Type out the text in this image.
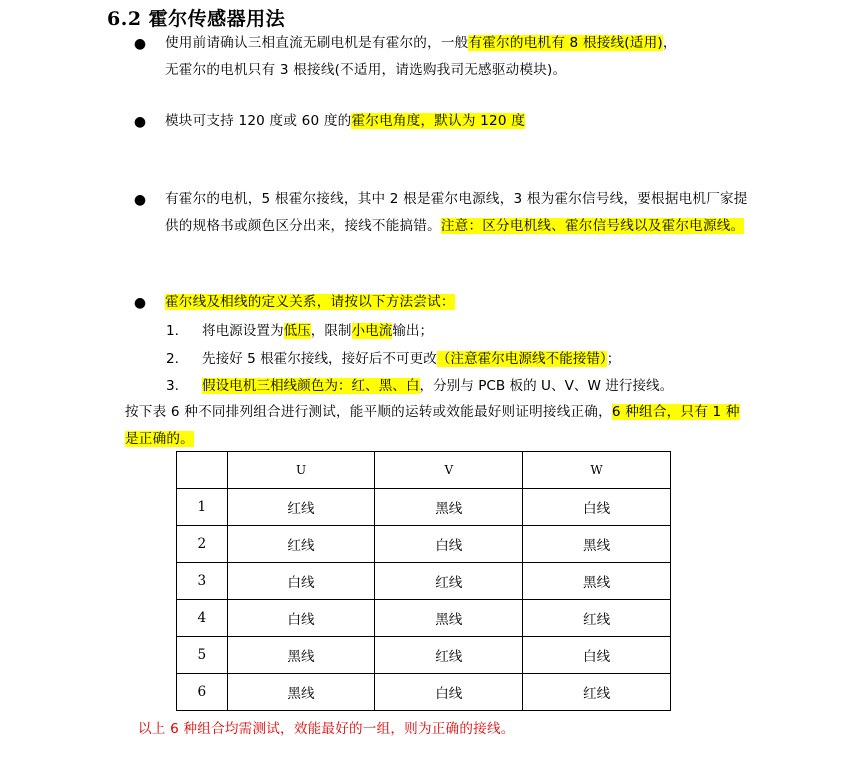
6.2 霍尔传感器用法
● 使用前请确认三相直流无刷电机是有霍尔的，一般有霍尔的电机有 8 根接线(适用)，
无霍尔的电机只有 3 根接线(不适用，请选购我司无感驱动模块)。
● 模块可支持 120 度或 60 度的霍尔电角度，默认为 120 度
● 有霍尔的电机，5 根霍尔接线，其中 2 根是霍尔电源线，3 根为霍尔信号线，要根据电机厂家提供的规格书或颜色区分出来，接线不能搞错。注意：区分电机线、霍尔信号线以及霍尔电源线。
● 霍尔线及相线的定义关系，请按以下方法尝试：
1. 将电源设置为低压，限制小电流输出；
2. 先接好 5 根霍尔接线，接好后不可更改（注意霍尔电源线不能接错）；
3. 假设电机三相线颜色为：红、黑、白，分别与 PCB 板的 U、V、W 进行接线。
按下表 6 种不同排列组合进行测试，能平顺的运转或效能最好则证明接线正确，6 种组合，只有 1 种是正确的。
	U	V	W
1	红线	黑线	白线
2	红线	白线	黑线
3	白线	红线	黑线
4	白线	黑线	红线
5	黑线	红线	白线
6	黑线	白线	红线
以上 6 种组合均需测试，效能最好的一组，则为正确的接线。
